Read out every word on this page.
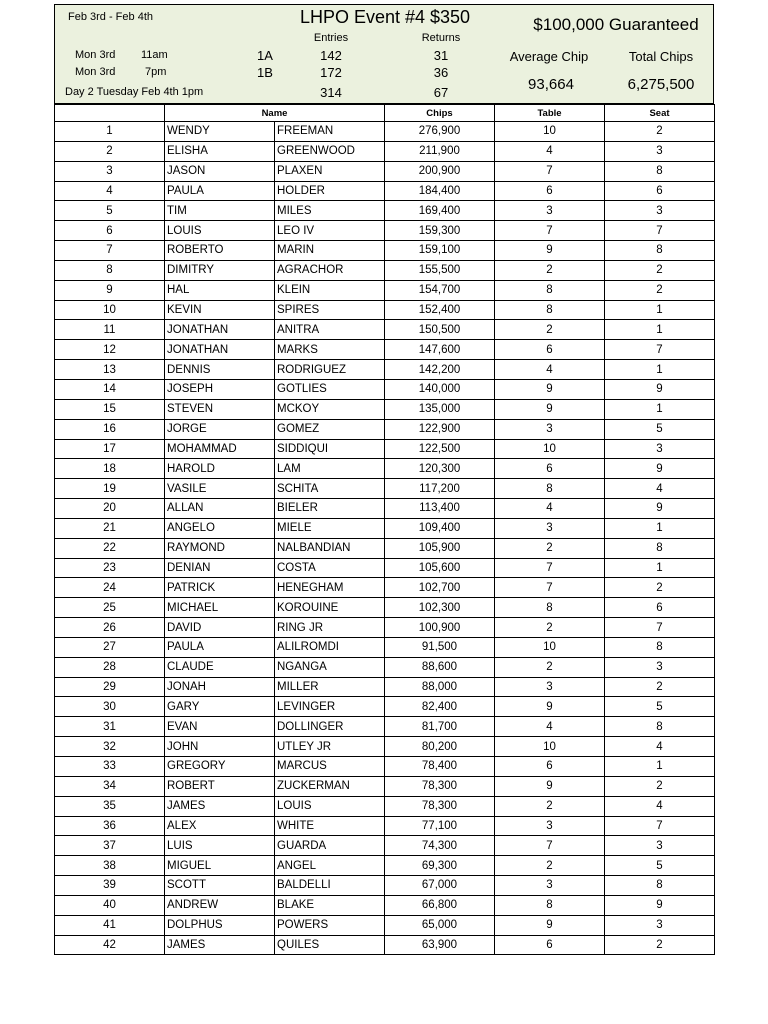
Feb 3rd - Feb 4th	LHPO Event #4 $350	$100,000 Guaranteed
Entries	Returns
Mon 3rd 11am	1A	142	31
Mon 3rd	7pm	1B	172	36
Day 2 Tuesday Feb 4th 1pm	314	67
Average Chip
93,664
Total Chips
6,275,500
	Name		Chips	Table	Seat
1	WENDY	FREEMAN	276,900	10	2
2	ELISHA	GREENWOOD	211,900	4	3
3	JASON	PLAXEN	200,900	7	8
4	PAULA	HOLDER	184,400	6	6
5	TIM	MILES	169,400	3	3
6	LOUIS	LEO IV	159,300	7	7
7	ROBERTO	MARIN	159,100	9	8
8	DIMITRY	AGRACHOR	155,500	2	2
9	HAL	KLEIN	154,700	8	2
10	KEVIN	SPIRES	152,400	8	1
11	JONATHAN	ANITRA	150,500	2	1
12	JONATHAN	MARKS	147,600	6	7
13	DENNIS	RODRIGUEZ	142,200	4	1
14	JOSEPH	GOTLIES	140,000	9	9
15	STEVEN	MCKOY	135,000	9	1
16	JORGE	GOMEZ	122,900	3	5
17	MOHAMMAD	SIDDIQUI	122,500	10	3
18	HAROLD	LAM	120,300	6	9
19	VASILE	SCHITA	117,200	8	4
20	ALLAN	BIELER	113,400	4	9
21	ANGELO	MIELE	109,400	3	1
22	RAYMOND	NALBANDIAN	105,900	2	8
23	DENIAN	COSTA	105,600	7	1
24	PATRICK	HENEGHAM	102,700	7	2
25	MICHAEL	KOROUINE	102,300	8	6
26	DAVID	RING JR	100,900	2	7
27	PAULA	ALILROMDI	91,500	10	8
28	CLAUDE	NGANGA	88,600	2	3
29	JONAH	MILLER	88,000	3	2
30	GARY	LEVINGER	82,400	9	5
31	EVAN	DOLLINGER	81,700	4	8
32	JOHN	UTLEY JR	80,200	10	4
33	GREGORY	MARCUS	78,400	6	1
34	ROBERT	ZUCKERMAN	78,300	9	2
35	JAMES	LOUIS	78,300	2	4
36	ALEX	WHITE	77,100	3	7
37	LUIS	GUARDA	74,300	7	3
38	MIGUEL	ANGEL	69,300	2	5
39	SCOTT	BALDELLI	67,000	3	8
40	ANDREW	BLAKE	66,800	8	9
41	DOLPHUS	POWERS	65,000	9	3
42	JAMES	QUILES	63,900	6	2
